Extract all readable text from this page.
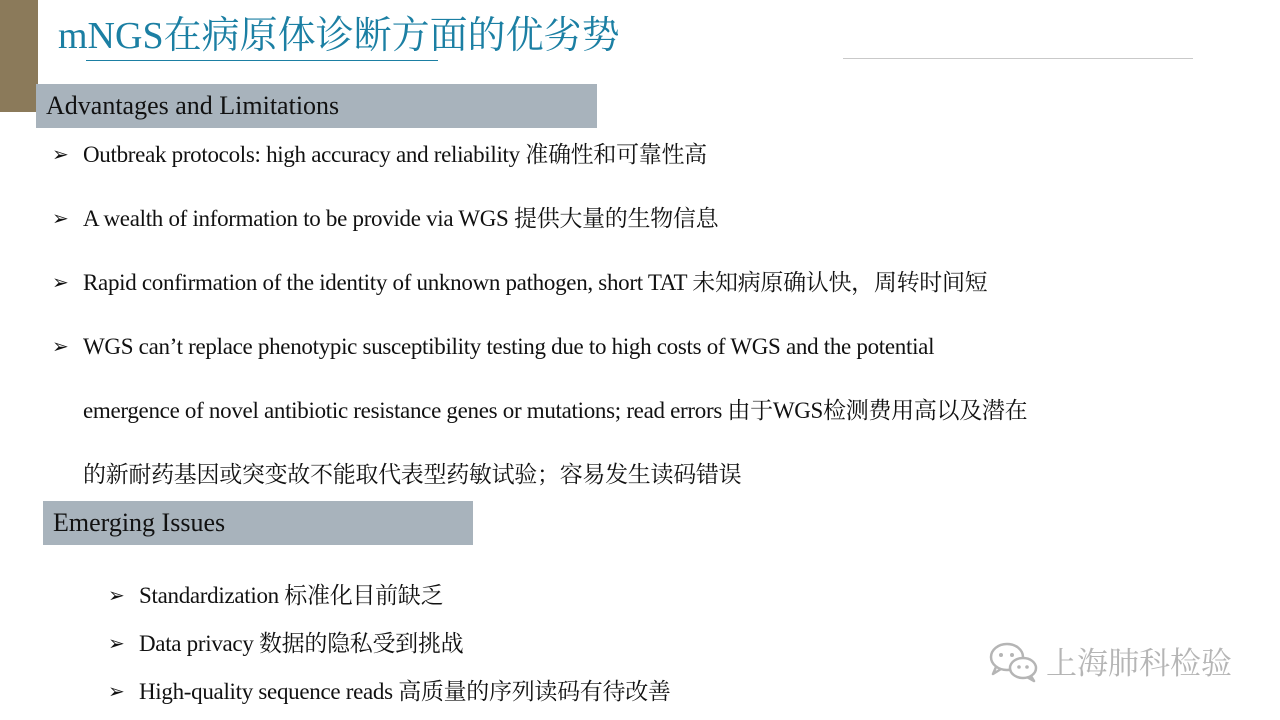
mNGS在病原体诊断方面的优劣势
Advantages and Limitations
➢ Outbreak protocols: high accuracy and reliability 准确性和可靠性高
➢ A wealth of information to be provide via WGS 提供大量的生物信息
➢ Rapid confirmation of the identity of unknown pathogen, short TAT 未知病原确认快，周转时间短
➢ WGS can’t replace phenotypic susceptibility testing due to high costs of WGS and the potential
emergence of novel antibiotic resistance genes or mutations; read errors 由于WGS检测费用高以及潜在
的新耐药基因或突变故不能取代表型药敏试验；容易发生读码错误
Emerging Issues
➢ Standardization 标准化目前缺乏
➢ Data privacy 数据的隐私受到挑战
➢ High-quality sequence reads 高质量的序列读码有待改善
上海肺科检验
